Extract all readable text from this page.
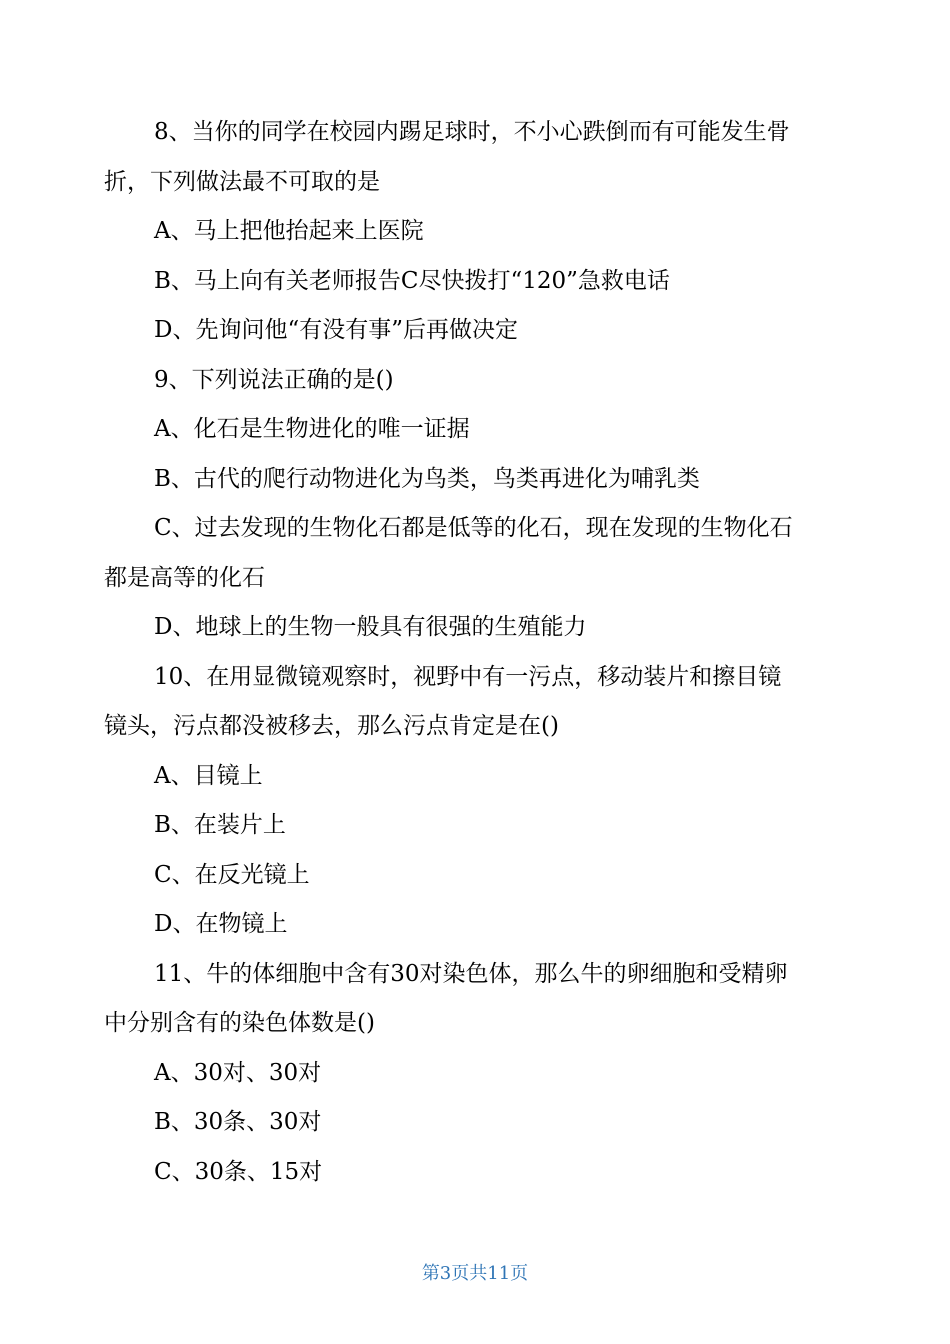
8、当你的同学在校园内踢足球时，不小心跌倒而有可能发生骨
折，下列做法最不可取的是
A、马上把他抬起来上医院
B、马上向有关老师报告C尽快拨打“120”急救电话
D、先询问他“有没有事”后再做决定
9、下列说法正确的是()
A、化石是生物进化的唯一证据
B、古代的爬行动物进化为鸟类，鸟类再进化为哺乳类
C、过去发现的生物化石都是低等的化石，现在发现的生物化石
都是高等的化石
D、地球上的生物一般具有很强的生殖能力
10、在用显微镜观察时，视野中有一污点，移动装片和擦目镜
镜头，污点都没被移去，那么污点肯定是在()
A、目镜上
B、在装片上
C、在反光镜上
D、在物镜上
11、牛的体细胞中含有30对染色体，那么牛的卵细胞和受精卵
中分别含有的染色体数是()
A、30对、30对
B、30条、30对
C、30条、15对
第3页共11页
